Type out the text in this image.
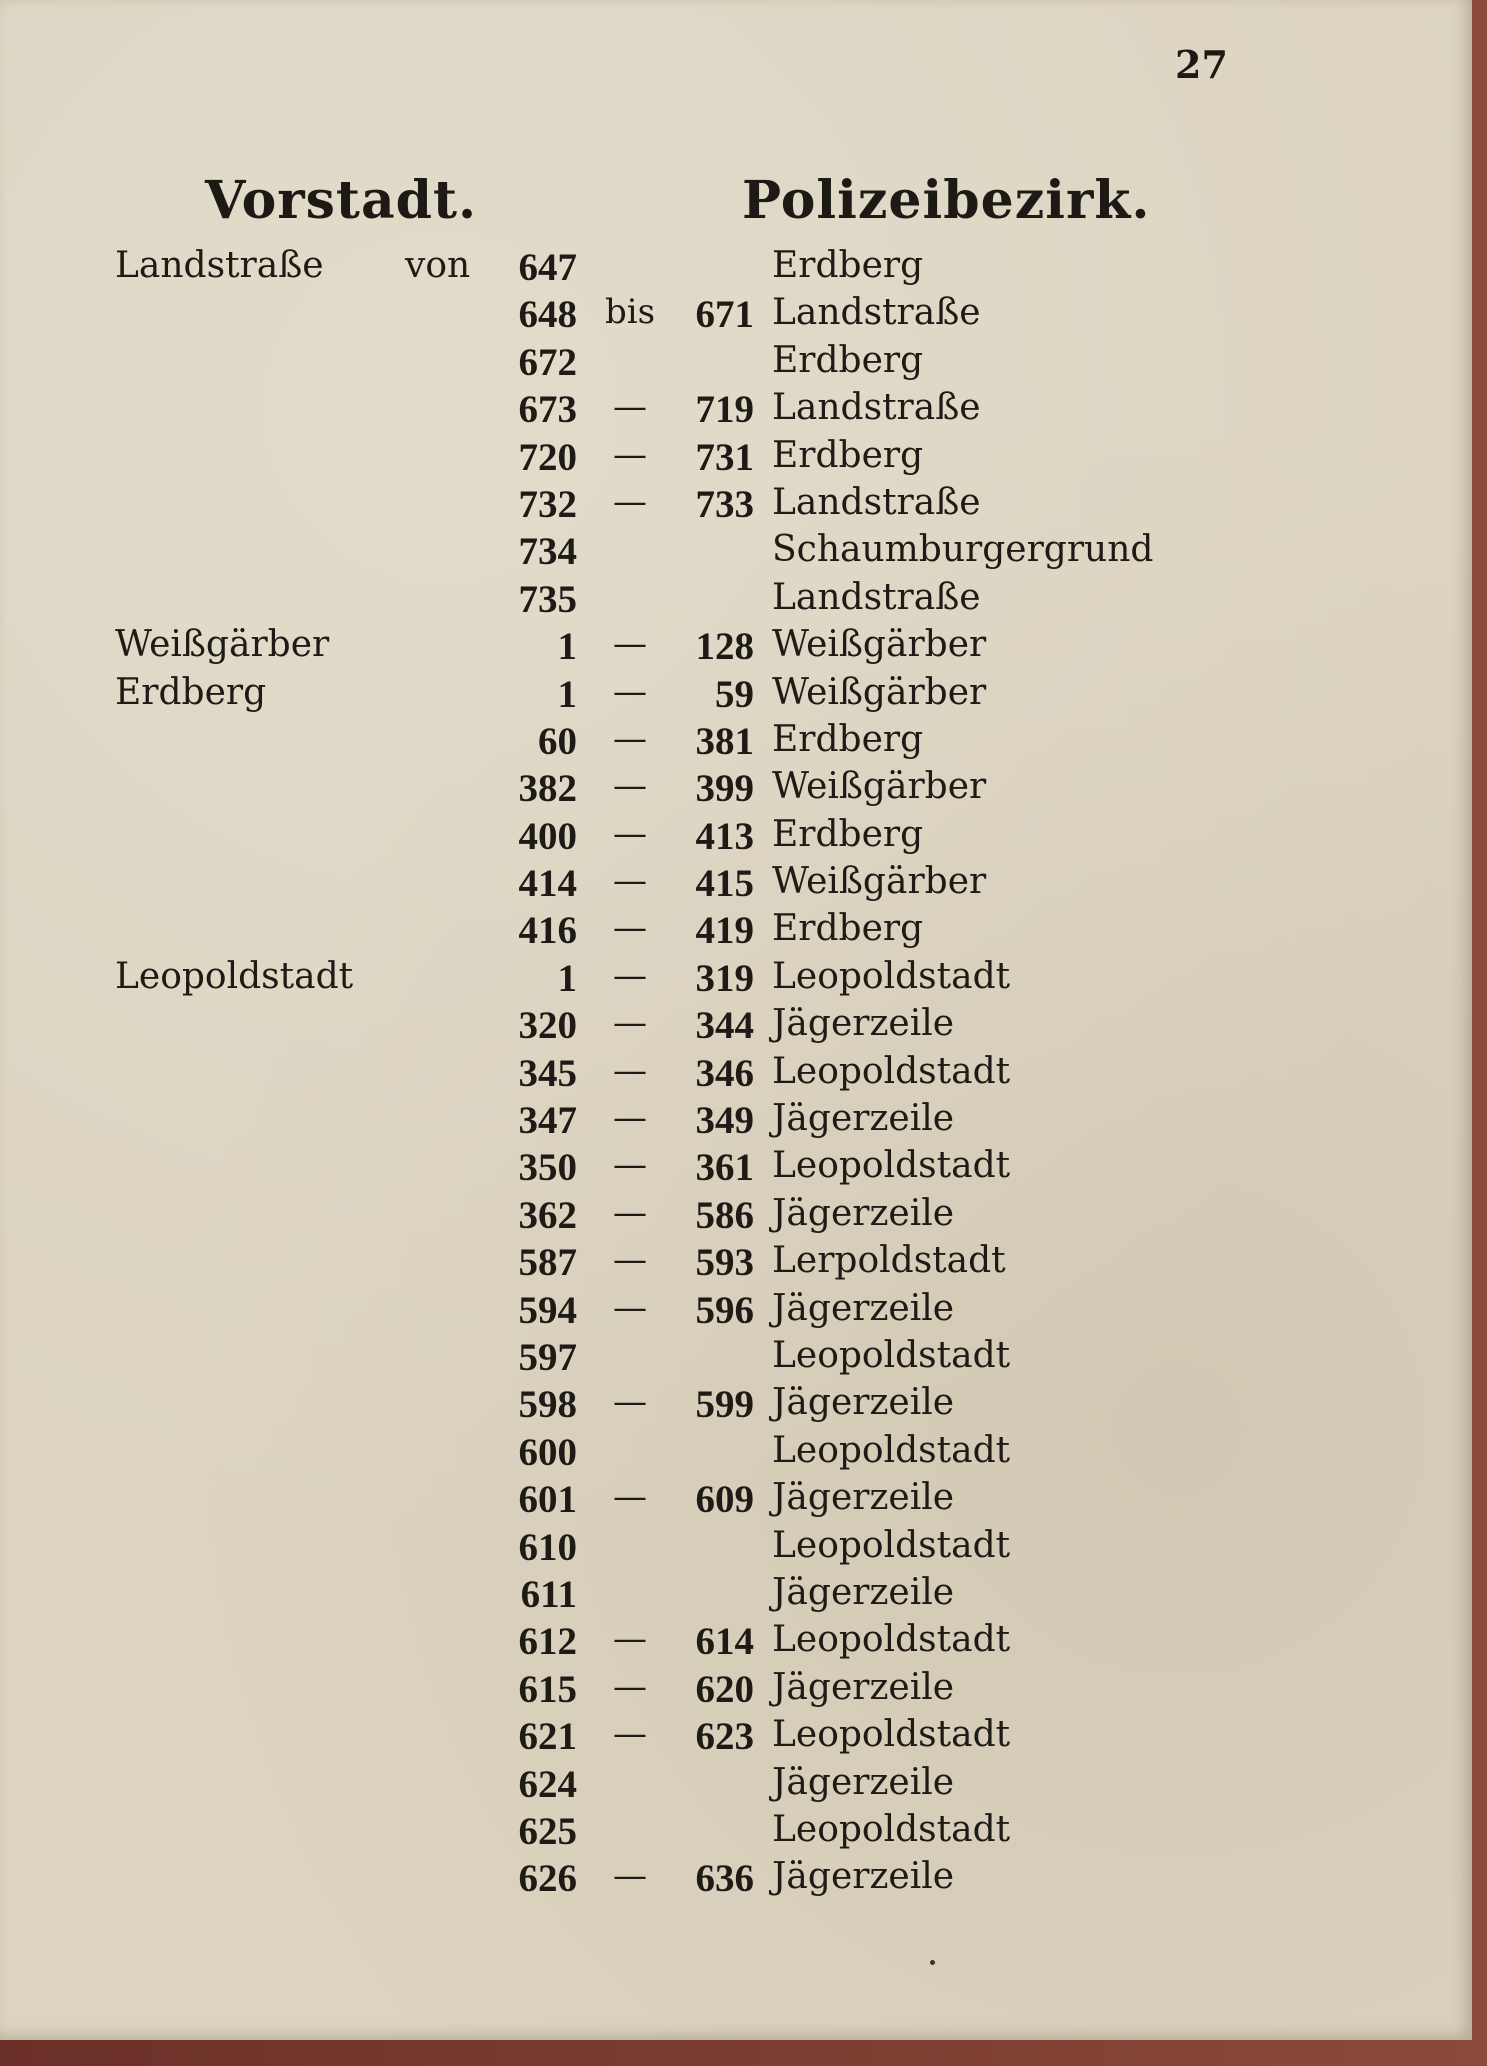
27
Vorstadt.	Polizeibezirk.
Landstraße von 647	Erdberg
648 bis 671 Landstraße
672	Erdberg
673	—	719 Landstraße
720	—	731 Erdberg
732	—	733 Landstraße
734	Schaumburgergrund
735	Landstraße
Weißgärber	1	—	128 Weißgärber
Erdberg	1	—	59 Weißgärber
60	—	381 Erdberg
382	—	399 Weißgärber
400	—	413 Erdberg
414	—	415 Weißgärber
416	—	419 Erdberg
Leopoldstadt	1	—	319 Leopoldstadt
320	—	344 Jägerzeile
345	—	346 Leopoldstadt
347	—	349 Jägerzeile
350	—	361 Leopoldstadt
362	—	586 Jägerzeile
587	—	593 Lerpoldstadt
594	—	596 Jägerzeile
597	Leopoldstadt
598	—	599 Jägerzeile
600	Leopoldstadt
601	—	609 Jägerzeile
610	Leopoldstadt
611	Jägerzeile
612	—	614 Leopoldstadt
615	—	620 Jägerzeile
621	—	623 Leopoldstadt
624	Jägerzeile
625	Leopoldstadt
626	—	636 Jägerzeile
